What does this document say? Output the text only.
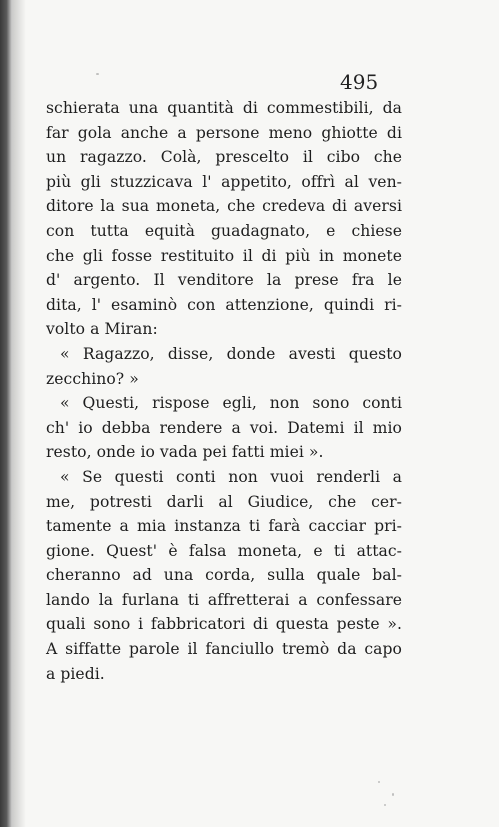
495
schierata una quantità di commestibili, da
far gola anche a persone meno ghiotte di
un ragazzo. Colà, prescelto il cibo che
più gli stuzzicava l' appetito, offrì al ven-
ditore la sua moneta, che credeva di aversi
con tutta equità guadagnato, e chiese
che gli fosse restituito il di più in monete
d' argento. Il venditore la prese fra le
dita, l' esaminò con attenzione, quindi ri-
volto a Miran:
« Ragazzo, disse, donde avesti questo
zecchino? »
« Questi, rispose egli, non sono conti
ch' io debba rendere a voi. Datemi il mio
resto, onde io vada pei fatti miei ».
« Se questi conti non vuoi renderli a
me, potresti darli al Giudice, che cer-
tamente a mia instanza ti farà cacciar pri-
gione. Quest' è falsa moneta, e ti attac-
cheranno ad una corda, sulla quale bal-
lando la furlana ti affretterai a confessare
quali sono i fabbricatori di questa peste ».
A siffatte parole il fanciullo tremò da capo
a piedi.
